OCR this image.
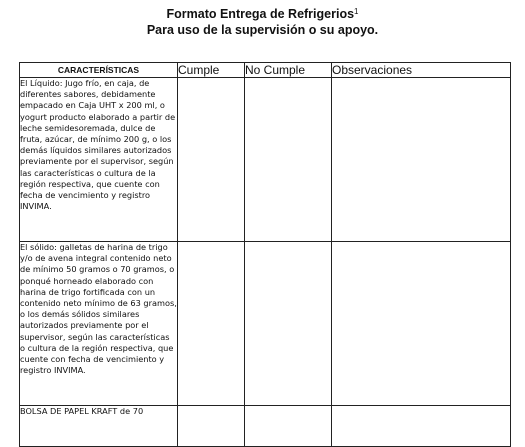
Formato Entrega de Refrigerios$^1$
Para uso de la supervisión o su apoyo.
CARACTERÍSTICAS	Cumple	No Cumple	Observaciones
El Líquido: Jugo frío, en caja, de diferentes sabores, debidamente empacado en Caja UHT x 200 ml, o yogurt producto elaborado a partir de leche semidesoremada, dulce de fruta, azúcar, de mínimo 200 g, o los demás líquidos similares autorizados previamente por el supervisor, según las características o cultura de la región respectiva, que cuente con fecha de vencimiento y registro INVIMA.			
El sólido: galletas de harina de trigo y/o de avena integral contenido neto de mínimo 50 gramos o 70 gramos, o ponqué horneado elaborado con harina de trigo fortificada con un contenido neto mínimo de 63 gramos, o los demás sólidos similares autorizados previamente por el supervisor, según las características o cultura de la región respectiva, que cuente con fecha de vencimiento y registro INVIMA.			
BOLSA DE PAPEL KRAFT de 70			
